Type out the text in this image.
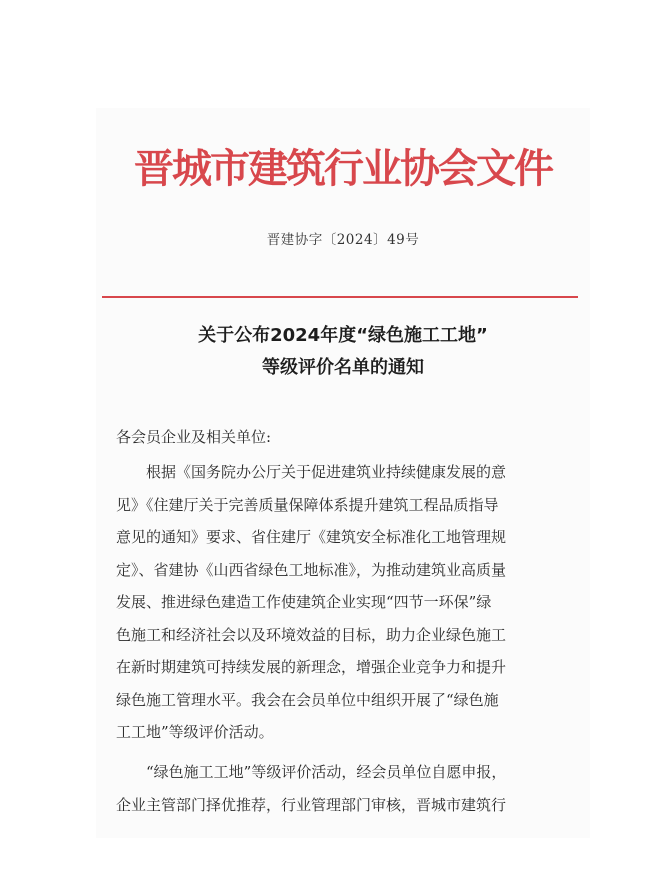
晋城市建筑行业协会文件
晋建协字〔2024〕49号
关于公布2024年度“绿色施工工地”
等级评价名单的通知
各会员企业及相关单位:
　　根据《国务院办公厅关于促进建筑业持续健康发展的意
见》《住建厅关于完善质量保障体系提升建筑工程品质指导
意见的通知》要求、省住建厅《建筑安全标准化工地管理规
定》、省建协《山西省绿色工地标准》，为推动建筑业高质量
发展、推进绿色建造工作使建筑企业实现“四节一环保”绿
色施工和经济社会以及环境效益的目标，助力企业绿色施工
在新时期建筑可持续发展的新理念，增强企业竞争力和提升
绿色施工管理水平。我会在会员单位中组织开展了“绿色施
工工地”等级评价活动。
　　“绿色施工工地”等级评价活动，经会员单位自愿申报，
企业主管部门择优推荐，行业管理部门审核，晋城市建筑行
